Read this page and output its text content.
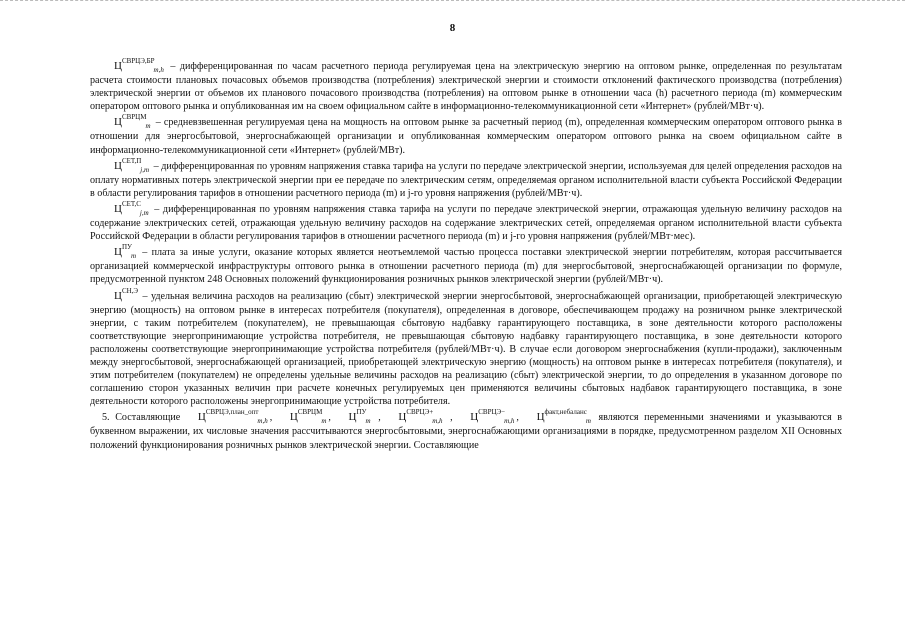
8

$Ц^{СВРЦЭ,БР}_{m,h}$ – дифференцированная по часам расчетного периода регулируемая цена на электрическую энергию на оптовом рынке, определенная по результатам расчета стоимости плановых почасовых объемов производства (потребления) электрической энергии и стоимости отклонений фактического производства (потребления) электрической энергии от объемов их планового почасового производства (потребления) на оптовом рынке в отношении часа (h) расчетного периода (m) коммерческим оператором оптового рынка и опубликованная им на своем официальном сайте в информационно-телекоммуникационной сети «Интернет» (рублей/МВт·ч).

$Ц^{СВРЦМ}_m$ – средневзвешенная регулируемая цена на мощность на оптовом рынке за расчетный период (m), определенная коммерческим оператором оптового рынка в отношении для энергосбытовой, энергоснабжающей организации и опубликованная коммерческим оператором оптового рынка на своем официальном сайте в информационно-телекоммуникационной сети «Интернет» (рублей/МВт).

$Ц^{СЕТ,П}_{j,m}$ – дифференцированная по уровням напряжения ставка тарифа на услуги по передаче электрической энергии, используемая для целей определения расходов на оплату нормативных потерь электрической энергии при ее передаче по электрическим сетям, определяемая органом исполнительной власти субъекта Российской Федерации в области регулирования тарифов в отношении расчетного периода (m) и j-го уровня напряжения (рублей/МВт·ч).

$Ц^{СЕТ,С}_{j,m}$ – дифференцированная по уровням напряжения ставка тарифа на услуги по передаче электрической энергии, отражающая удельную величину расходов на содержание электрических сетей, отражающая удельную величину расходов на содержание электрических сетей, определяемая органом исполнительной власти субъекта Российской Федерации в области регулирования тарифов в отношении расчетного периода (m) и j-го уровня напряжения (рублей/МВт·мес).

$Ц^{ПУ}_m$ – плата за иные услуги, оказание которых является неотъемлемой частью процесса поставки электрической энергии потребителям, которая рассчитывается организацией коммерческой инфраструктуры оптового рынка в отношении расчетного периода (m) для энергосбытовой, энергоснабжающей организации по формуле, предусмотренной пунктом 248 Основных положений функционирования розничных рынков электрической энергии (рублей/МВт·ч).

$Ц^{СН,Э}$ – удельная величина расходов на реализацию (сбыт) электрической энергии энергосбытовой, энергоснабжающей организации, приобретающей электрическую энергию (мощность) на оптовом рынке в интересах потребителя (покупателя), определенная в договоре, обеспечивающем продажу на розничном рынке электрической энергии, с таким потребителем (покупателем), не превышающая сбытовую надбавку гарантирующего поставщика, в зоне деятельности которого расположены соответствующие энергопринимающие устройства потребителя, не превышающая сбытовую надбавку гарантирующего поставщика, в зоне деятельности которого расположены соответствующие энергопринимающие устройства потребителя (рублей/МВт·ч). В случае если договором энергоснабжения (купли-продажи), заключенным между энергосбытовой, энергоснабжающей организацией, приобретающей электрическую энергию (мощность) на оптовом рынке в интересах потребителя (покупателя), и этим потребителем (покупателем) не определены удельные величины расходов на реализацию (сбыт) электрической энергии, то до определения в указанном договоре по соглашению сторон указанных величин при расчете конечных регулируемых цен применяются величины сбытовых надбавок гарантирующего поставщика, в зоне деятельности которого расположены энергопринимающие устройства потребителя.

5. Составляющие $Ц^{СВРЦЭ,план\_опт}_{m,h}$ , $Ц^{СВРЦМ}_m$ , $Ц^{ПУ}_m$ , $Ц^{СВРЦЭ+}_{m,h}$ , $Ц^{СВРЦЭ-}_{m,h}$ , $Ц^{факт,небаланс}_m$ являются переменными значениями и указываются в буквенном выражении, их числовые значения рассчитываются энергосбытовыми, энергоснабжающими организациями в порядке, предусмотренном разделом XII Основных положений функционирования розничных рынков электрической энергии. Составляющие
